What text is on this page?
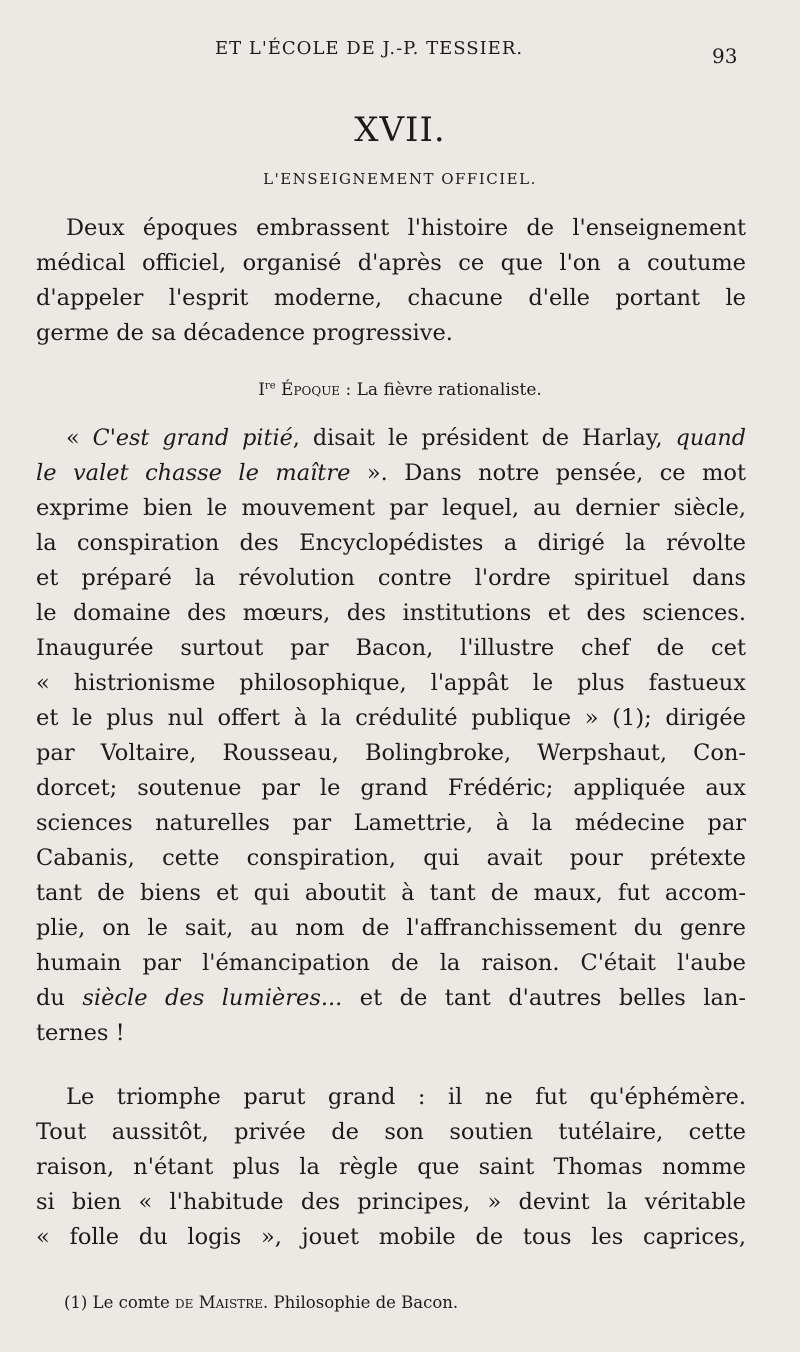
ET L'ÉCOLE DE J.-P. TESSIER.	93
XVII.
L'ENSEIGNEMENT OFFICIEL.
Deux époques embrassent l'histoire de l'enseignement
médical officiel, organisé d'après ce que l'on a coutume
d'appeler l'esprit moderne, chacune d'elle portant le
germe de sa décadence progressive.
Ire Époque : La fièvre rationaliste.
« C'est grand pitié, disait le président de Harlay, quand
le valet chasse le maître ». Dans notre pensée, ce mot
exprime bien le mouvement par lequel, au dernier siècle,
la conspiration des Encyclopédistes a dirigé la révolte
et préparé la révolution contre l'ordre spirituel dans
le domaine des mœurs, des institutions et des sciences.
Inaugurée surtout par Bacon, l'illustre chef de cet
« histrionisme philosophique, l'appât le plus fastueux
et le plus nul offert à la crédulité publique » (1); dirigée
par Voltaire, Rousseau, Bolingbroke, Werpshaut, Con-
dorcet; soutenue par le grand Frédéric; appliquée aux
sciences naturelles par Lamettrie, à la médecine par
Cabanis, cette conspiration, qui avait pour prétexte
tant de biens et qui aboutit à tant de maux, fut accom-
plie, on le sait, au nom de l'affranchissement du genre
humain par l'émancipation de la raison. C'était l'aube
du siècle des lumières... et de tant d'autres belles lan-
ternes !
Le triomphe parut grand : il ne fut qu'éphémère.
Tout aussitôt, privée de son soutien tutélaire, cette
raison, n'étant plus la règle que saint Thomas nomme
si bien « l'habitude des principes, » devint la véritable
« folle du logis », jouet mobile de tous les caprices,
(1) Le comte de Maistre. Philosophie de Bacon.
